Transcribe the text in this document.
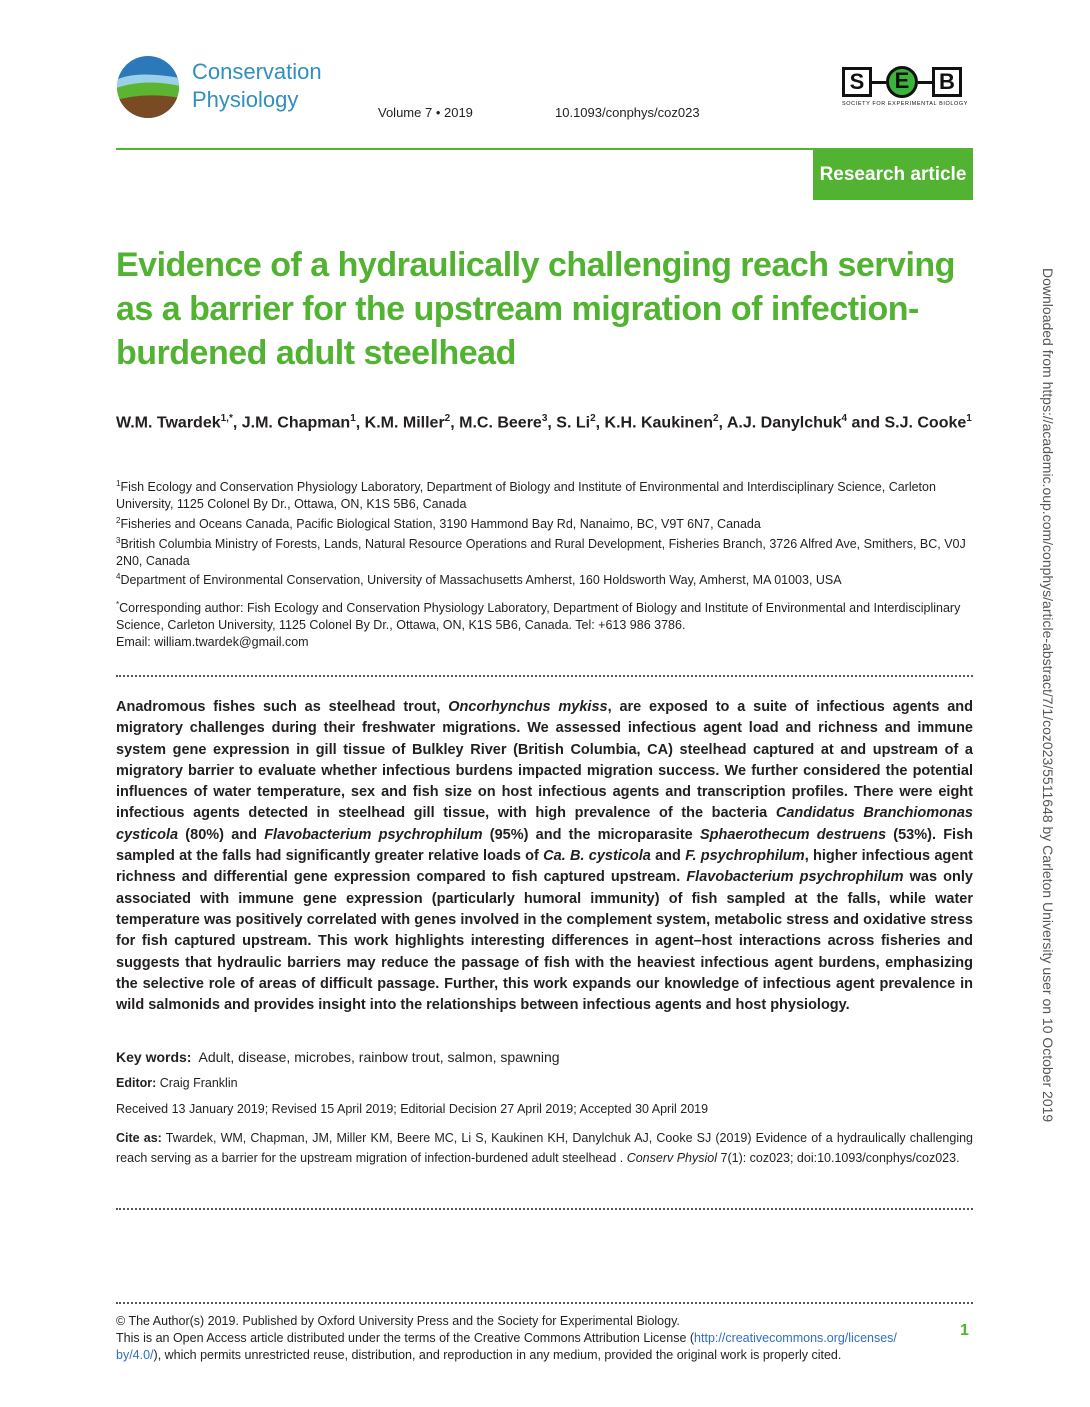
Conservation
Physiology
Volume 7 • 2019	10.1093/conphys/coz023
S	E	B
SOCIETY FOR EXPERIMENTAL BIOLOGY
Research article
Evidence of a hydraulically challenging reach serving as a barrier for the upstream migration of infection-burdened adult steelhead
W.M. Twardek$^{1,*}$, J.M. Chapman$^1$, K.M. Miller$^2$, M.C. Beere$^3$, S. Li$^2$, K.H. Kaukinen$^2$, A.J. Danylchuk$^4$ and S.J. Cooke$^1$

$^1$Fish Ecology and Conservation Physiology Laboratory, Department of Biology and Institute of Environmental and Interdisciplinary Science, Carleton University, 1125 Colonel By Dr., Ottawa, ON, K1S 5B6, Canada

$^2$Fisheries and Oceans Canada, Pacific Biological Station, 3190 Hammond Bay Rd, Nanaimo, BC, V9T 6N7, Canada

$^3$British Columbia Ministry of Forests, Lands, Natural Resource Operations and Rural Development, Fisheries Branch, 3726 Alfred Ave, Smithers, BC, V0J 2N0, Canada

$^4$Department of Environmental Conservation, University of Massachusetts Amherst, 160 Holdsworth Way, Amherst, MA 01003, USA

*Corresponding author: Fish Ecology and Conservation Physiology Laboratory, Department of Biology and Institute of Environmental and Interdisciplinary Science, Carleton University, 1125 Colonel By Dr., Ottawa, ON, K1S 5B6, Canada. Tel: +613 986 3786.

Email: william.twardek@gmail.com

Anadromous fishes such as steelhead trout, Oncorhynchus mykiss, are exposed to a suite of infectious agents and migratory challenges during their freshwater migrations. We assessed infectious agent load and richness and immune system gene expression in gill tissue of Bulkley River (British Columbia, CA) steelhead captured at and upstream of a migratory barrier to evaluate whether infectious burdens impacted migration success. We further considered the potential influences of water temperature, sex and fish size on host infectious agents and transcription profiles. There were eight infectious agents detected in steelhead gill tissue, with high prevalence of the bacteria Candidatus Branchiomonas cysticola (80%) and Flavobacterium psychrophilum (95%) and the microparasite Sphaerothecum destruens (53%). Fish sampled at the falls had significantly greater relative loads of Ca. B. cysticola and F. psychrophilum, higher infectious agent richness and differential gene expression compared to fish captured upstream. Flavobacterium psychrophilum was only associated with immune gene expression (particularly humoral immunity) of fish sampled at the falls, while water temperature was positively correlated with genes involved in the complement system, metabolic stress and oxidative stress for fish captured upstream. This work highlights interesting differences in agent–host interactions across fisheries and suggests that hydraulic barriers may reduce the passage of fish with the heaviest infectious agent burdens, emphasizing the selective role of areas of difficult passage. Further, this work expands our knowledge of infectious agent prevalence in wild salmonids and provides insight into the relationships between infectious agents and host physiology.

Key words: Adult, disease, microbes, rainbow trout, salmon, spawning
Editor: Craig Franklin
Received 13 January 2019; Revised 15 April 2019; Editorial Decision 27 April 2019; Accepted 30 April 2019

Cite as: Twardek, WM, Chapman, JM, Miller KM, Beere MC, Li S, Kaukinen KH, Danylchuk AJ, Cooke SJ (2019) Evidence of a hydraulically challenging reach serving as a barrier for the upstream migration of infection-burdened adult steelhead . Conserv Physiol 7(1): coz023; doi:10.1093/conphys/coz023.

© The Author(s) 2019. Published by Oxford University Press and the Society for Experimental Biology.

This is an Open Access article distributed under the terms of the Creative Commons Attribution License (http://creativecommons.org/licenses/
by/4.0/), which permits unrestricted reuse, distribution, and reproduction in any medium, provided the original work is properly cited.

1
Downloaded from https://academic.oup.com/conphys/article-abstract/7/1/coz023/5511648 by Carleton University user on 10 October 2019
